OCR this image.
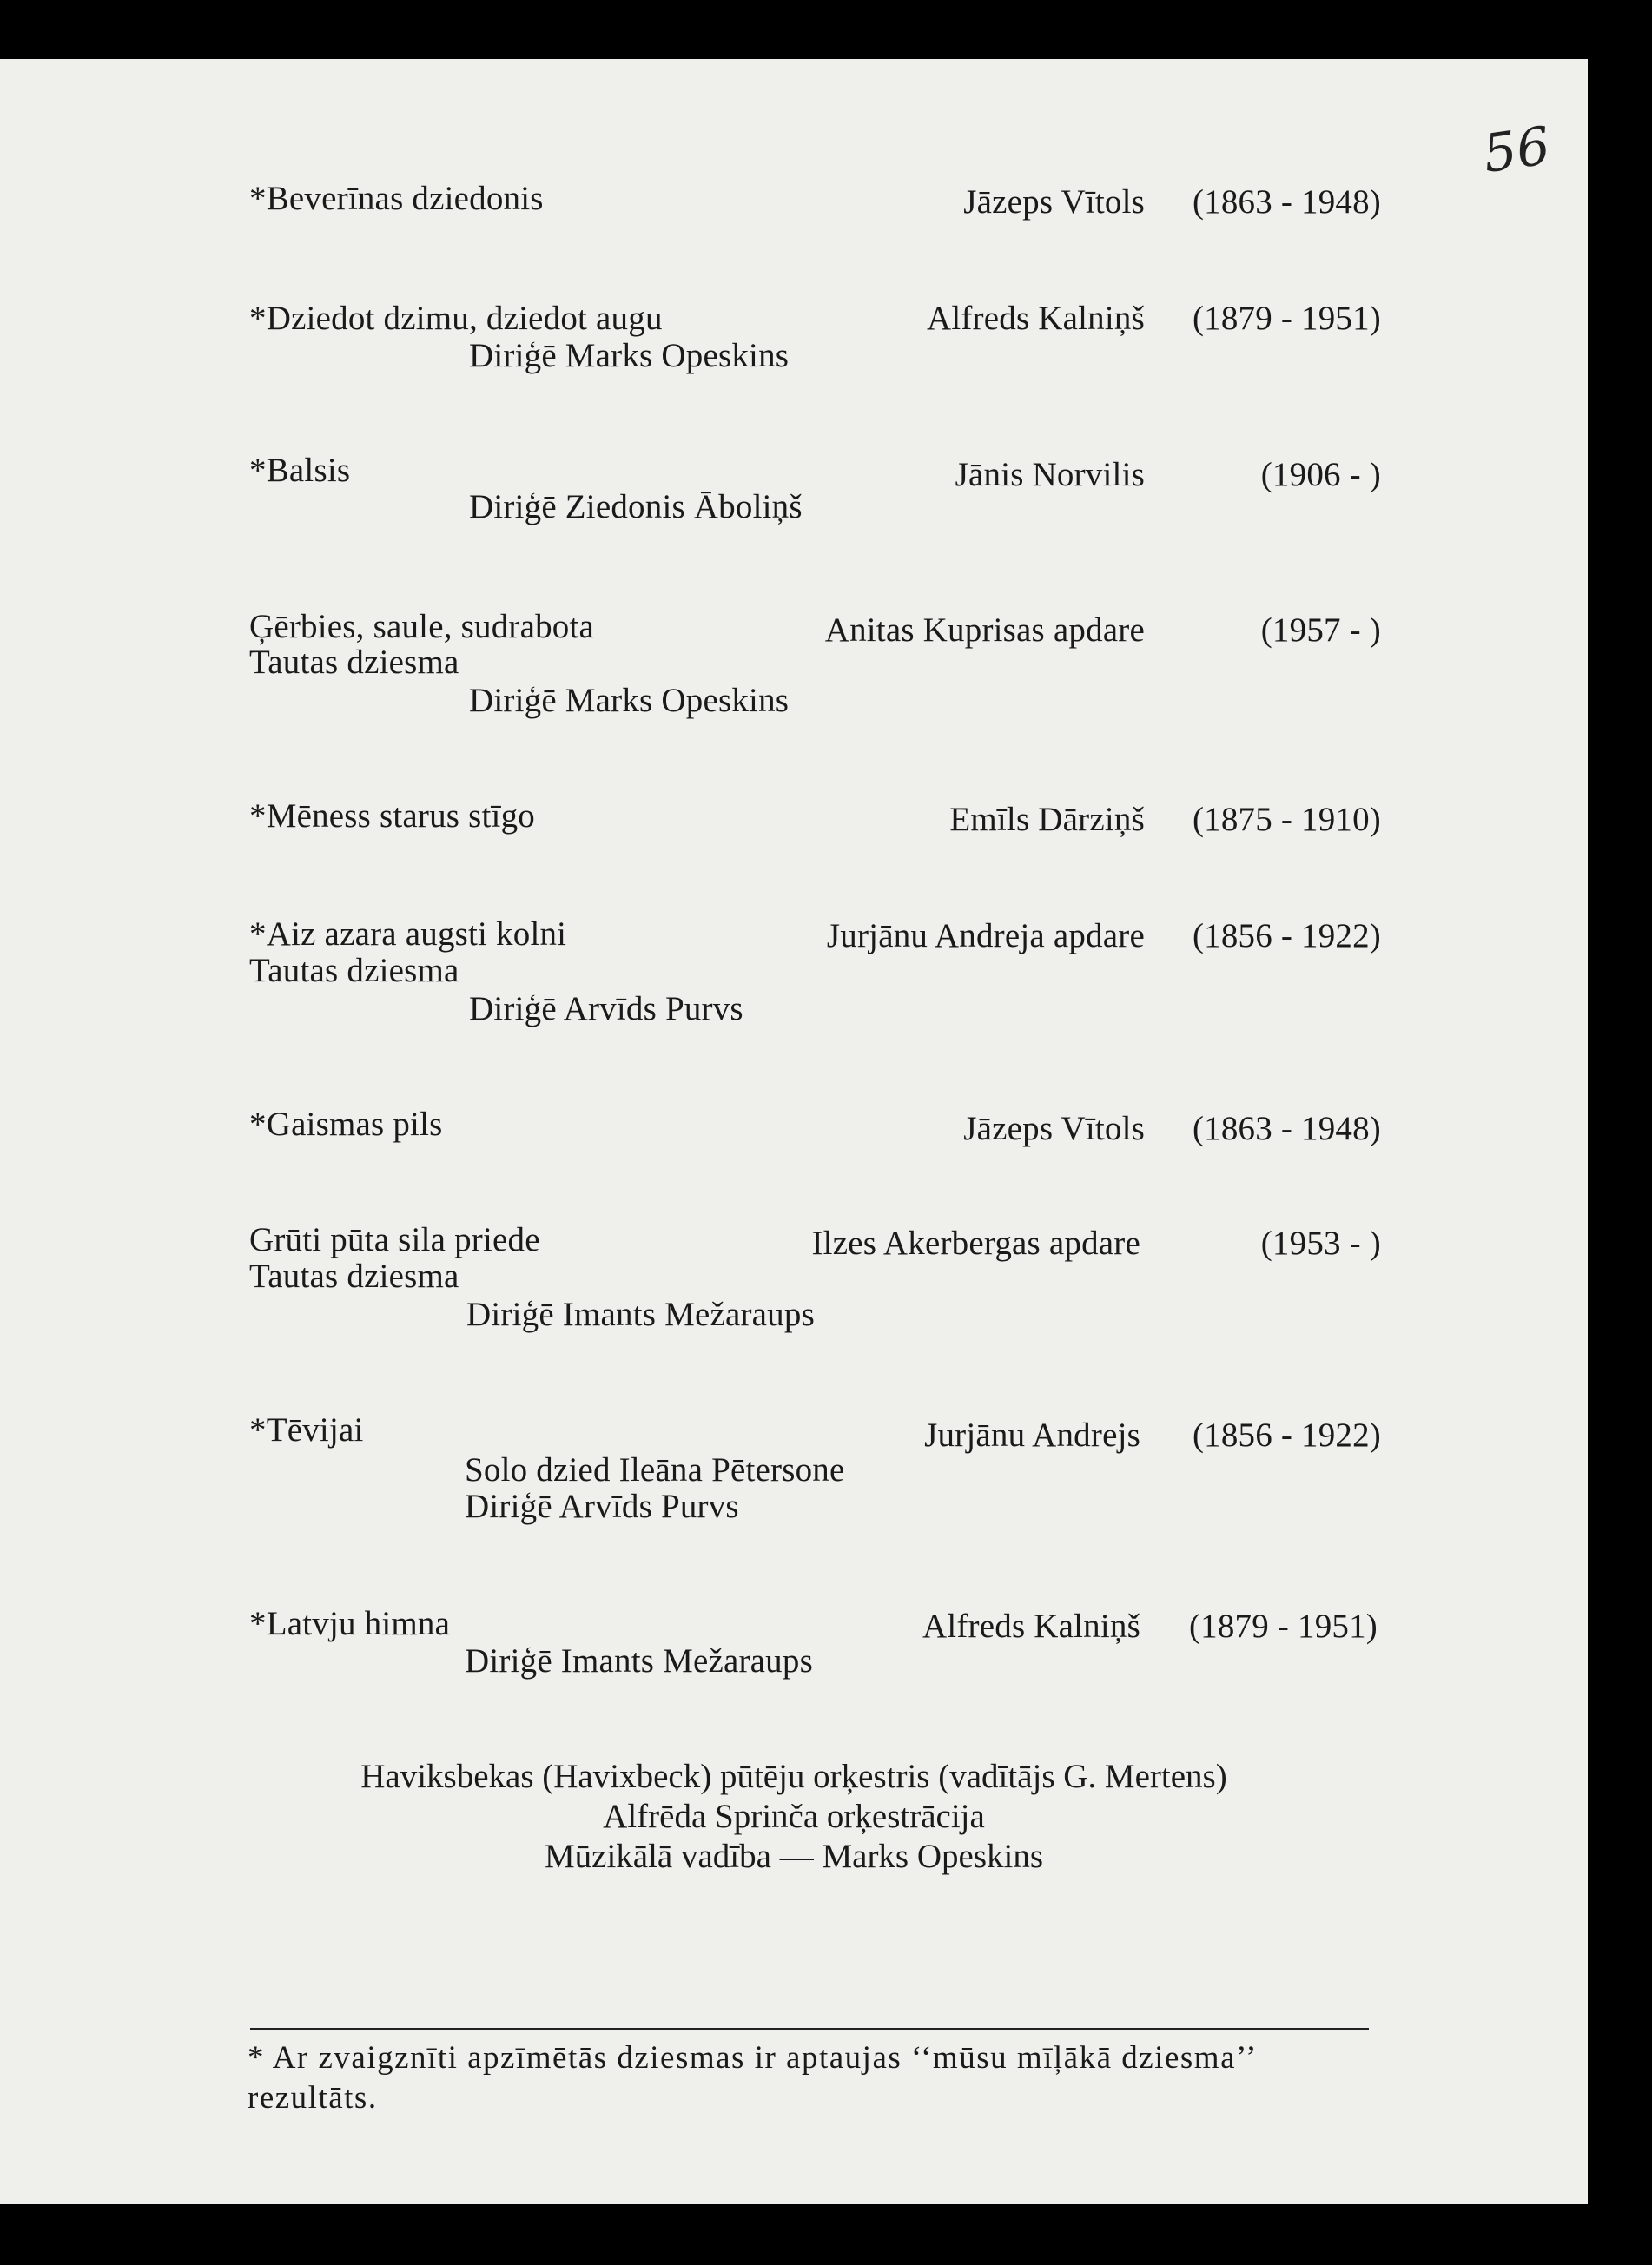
56
*Beverīnas dziedonis	Jāzeps Vītols (1863 - 1948)
*Dziedot dzimu, dziedot augu	Alfreds Kalniņš (1879 - 1951)
Diriģē Marks Opeskins
*Balsis	Jānis Norvilis	(1906 - )
Diriģē Ziedonis Āboliņš
Ģērbies, saule, sudrabota	Anitas Kuprisas apdare	(1957 - )
Tautas dziesma
Diriģē Marks Opeskins
*Mēness starus stīgo	Emīls Dārziņš (1875 - 1910)
*Aiz azara augsti kolni	Jurjānu Andreja apdare (1856 - 1922)
Tautas dziesma
Diriģē Arvīds Purvs
*Gaismas pils	Jāzeps Vītols (1863 - 1948)
Grūti pūta sila priede	Ilzes Akerbergas apdare	(1953 - )
Tautas dziesma
Diriģē Imants Mežaraups
*Tēvijai	Jurjānu Andrejs (1856 - 1922)
Solo dzied Ileāna Pētersone
Diriģē Arvīds Purvs
*Latvju himna	Alfreds Kalniņš (1879 - 1951)
Diriģē Imants Mežaraups
Haviksbekas (Havixbeck) pūtēju orķestris (vadītājs G. Mertens)
Alfrēda Sprinča orķestrācija
Mūzikālā vadība — Marks Opeskins
* Ar zvaigznīti apzīmētās dziesmas ir aptaujas ‘‘mūsu mīļākā dziesma’’ rezultāts.
